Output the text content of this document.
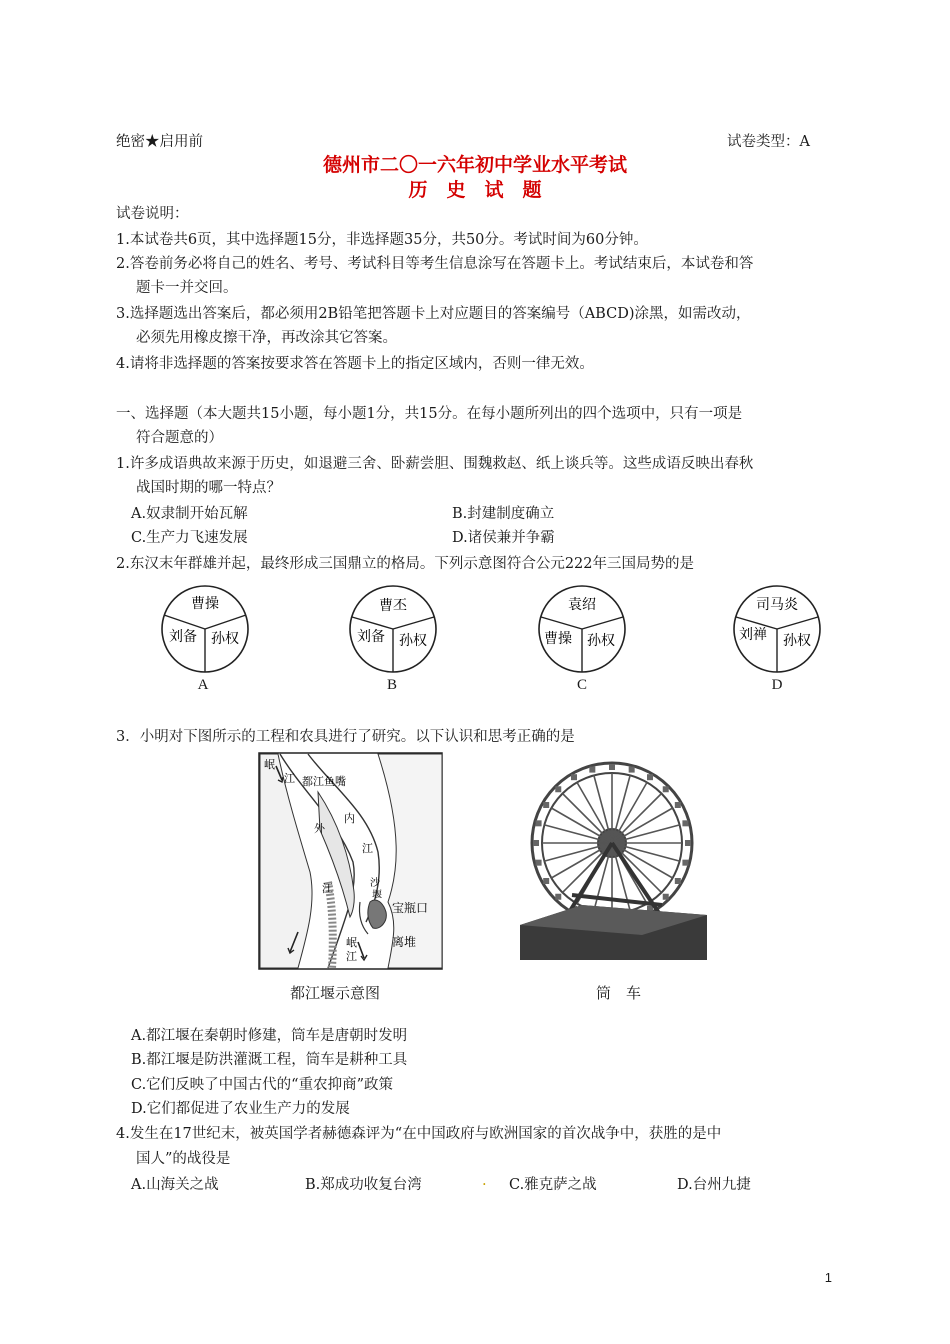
绝密★启用前	试卷类型：A
德州市二〇一六年初中学业水平考试
历　史　试　题
试卷说明：
1.本试卷共6页，其中选择题15分，非选择题35分，共50分。考试时间为60分钟。
2.答卷前务必将自己的姓名、考号、考试科目等考生信息涂写在答题卡上。考试结束后，本试卷和答
题卡一并交回。
3.选择题选出答案后，都必须用2B铅笔把答题卡上对应题目的答案编号（ABCD)涂黑，如需改动，
必须先用橡皮擦干净，再改涂其它答案。
4.请将非选择题的答案按要求答在答题卡上的指定区域内，否则一律无效。
一、选择题（本大题共15小题，每小题1分，共15分。在每小题所列出的四个选项中，只有一项是
符合题意的）
1.许多成语典故来源于历史，如退避三舍、卧薪尝胆、围魏救赵、纸上谈兵等。这些成语反映出春秋
战国时期的哪一特点？
A.奴隶制开始瓦解	B.封建制度确立
C.生产力飞速发展	D.诸侯兼并争霸
2.东汉末年群雄并起，最终形成三国鼎立的格局。下列示意图符合公元222年三国局势的是
曹操
刘备 孙权
A
曹丕
刘备 孙权
B
袁绍
曹操 孙权
C
司马炎
刘禅 孙权
D
3．小明对下图所示的工程和农具进行了研究。以下认识和思考正确的是
岷
江 都江鱼嘴
内
江
外
江	沙
堰
宝瓶口
离堆
岷
江
都江堰示意图	筒　车
A.都江堰在秦朝时修建，筒车是唐朝时发明
B.都江堰是防洪灌溉工程，筒车是耕种工具
C.它们反映了中国古代的“重农抑商”政策
D.它们都促进了农业生产力的发展
4.发生在17世纪末，被英国学者赫德森评为“在中国政府与欧洲国家的首次战争中，获胜的是中
国人”的战役是
A.山海关之战	B.郑成功收复台湾	. C.雅克萨之战	D.台州九捷
1
